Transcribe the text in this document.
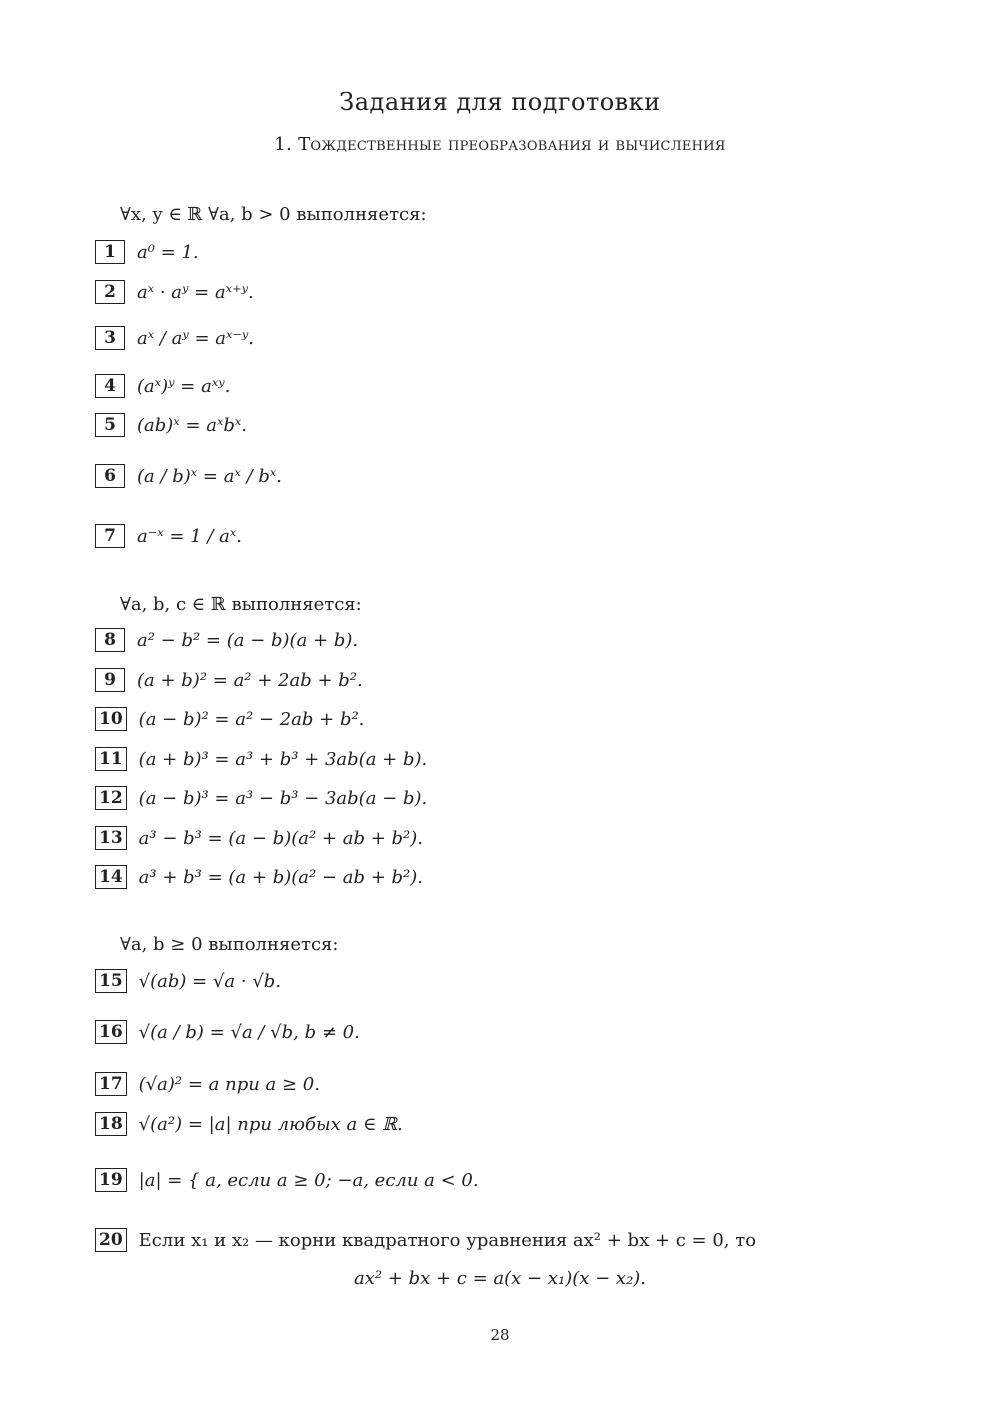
Задания для подготовки
1. Тождественные преобразования и вычисления
∀x, y ∈ ℝ ∀a, b > 0 выполняется:
1	a⁰ = 1.
2	aˣ · aʸ = aˣ⁺ʸ.
3	aˣ / aʸ = aˣ⁻ʸ.
4	(aˣ)ʸ = aˣʸ.
5	(ab)ˣ = aˣbˣ.
6	(a / b)ˣ = aˣ / bˣ.
7	a⁻ˣ = 1 / aˣ.
∀a, b, c ∈ ℝ выполняется:
8	a² − b² = (a − b)(a + b).
9	(a + b)² = a² + 2ab + b².
10 (a − b)² = a² − 2ab + b².
11 (a + b)³ = a³ + b³ + 3ab(a + b).
12 (a − b)³ = a³ − b³ − 3ab(a − b).
13 a³ − b³ = (a − b)(a² + ab + b²).
14 a³ + b³ = (a + b)(a² − ab + b²).
∀a, b ≥ 0 выполняется:
15 √(ab) = √a · √b.
16 √(a / b) = √a / √b, b ≠ 0.
17 (√a)² = a при a ≥ 0.
18 √(a²) = |a| при любых a ∈ ℝ.
19 |a| = { a, если a ≥ 0; −a, если a < 0.
20 Если x₁ и x₂ — корни квадратного уравнения ax² + bx + c = 0, то
ax² + bx + c = a(x − x₁)(x − x₂).
28
